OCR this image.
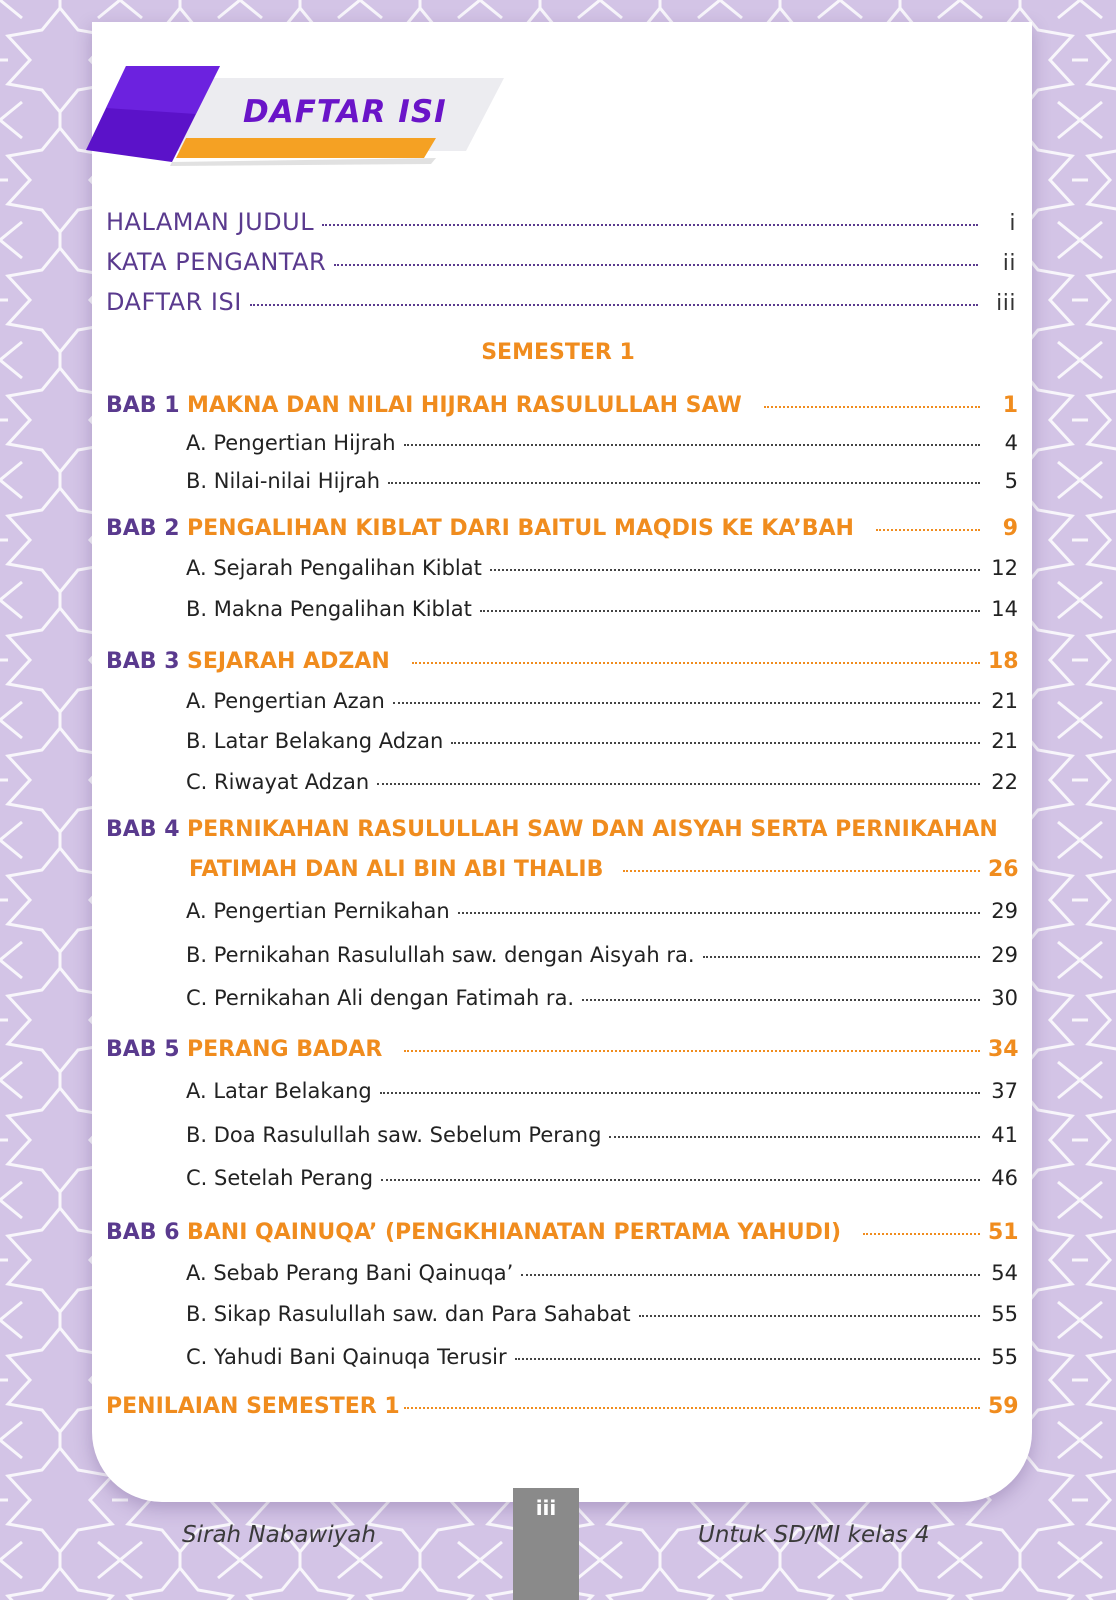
DAFTAR ISI
HALAMAN JUDUL	i
KATA PENGANTAR	ii
DAFTAR ISI	iii
SEMESTER 1
BAB 1 MAKNA DAN NILAI HIJRAH RASULULLAH SAW	1
A. Pengertian Hijrah	4
B. Nilai-nilai Hijrah	5
BAB 2 PENGALIHAN KIBLAT DARI BAITUL MAQDIS KE KA’BAH	9
A. Sejarah Pengalihan Kiblat	12
B. Makna Pengalihan Kiblat	14
BAB 3 SEJARAH ADZAN	18
A. Pengertian Azan	21
B. Latar Belakang Adzan	21
C. Riwayat Adzan	22
BAB 4 PERNIKAHAN RASULULLAH SAW DAN AISYAH SERTA PERNIKAHAN
FATIMAH DAN ALI BIN ABI THALIB	26
A. Pengertian Pernikahan	29
B. Pernikahan Rasulullah saw. dengan Aisyah ra.	29
C. Pernikahan Ali dengan Fatimah ra.	30
BAB 5 PERANG BADAR	34
A. Latar Belakang	37
B. Doa Rasulullah saw. Sebelum Perang	41
C. Setelah Perang	46
BAB 6 BANI QAINUQA’ (PENGKHIANATAN PERTAMA YAHUDI)	51
A. Sebab Perang Bani Qainuqa’	54
B. Sikap Rasulullah saw. dan Para Sahabat	55
C. Yahudi Bani Qainuqa Terusir	55
PENILAIAN SEMESTER 1	59
iii
Sirah Nabawiyah	Untuk SD/MI kelas 4
